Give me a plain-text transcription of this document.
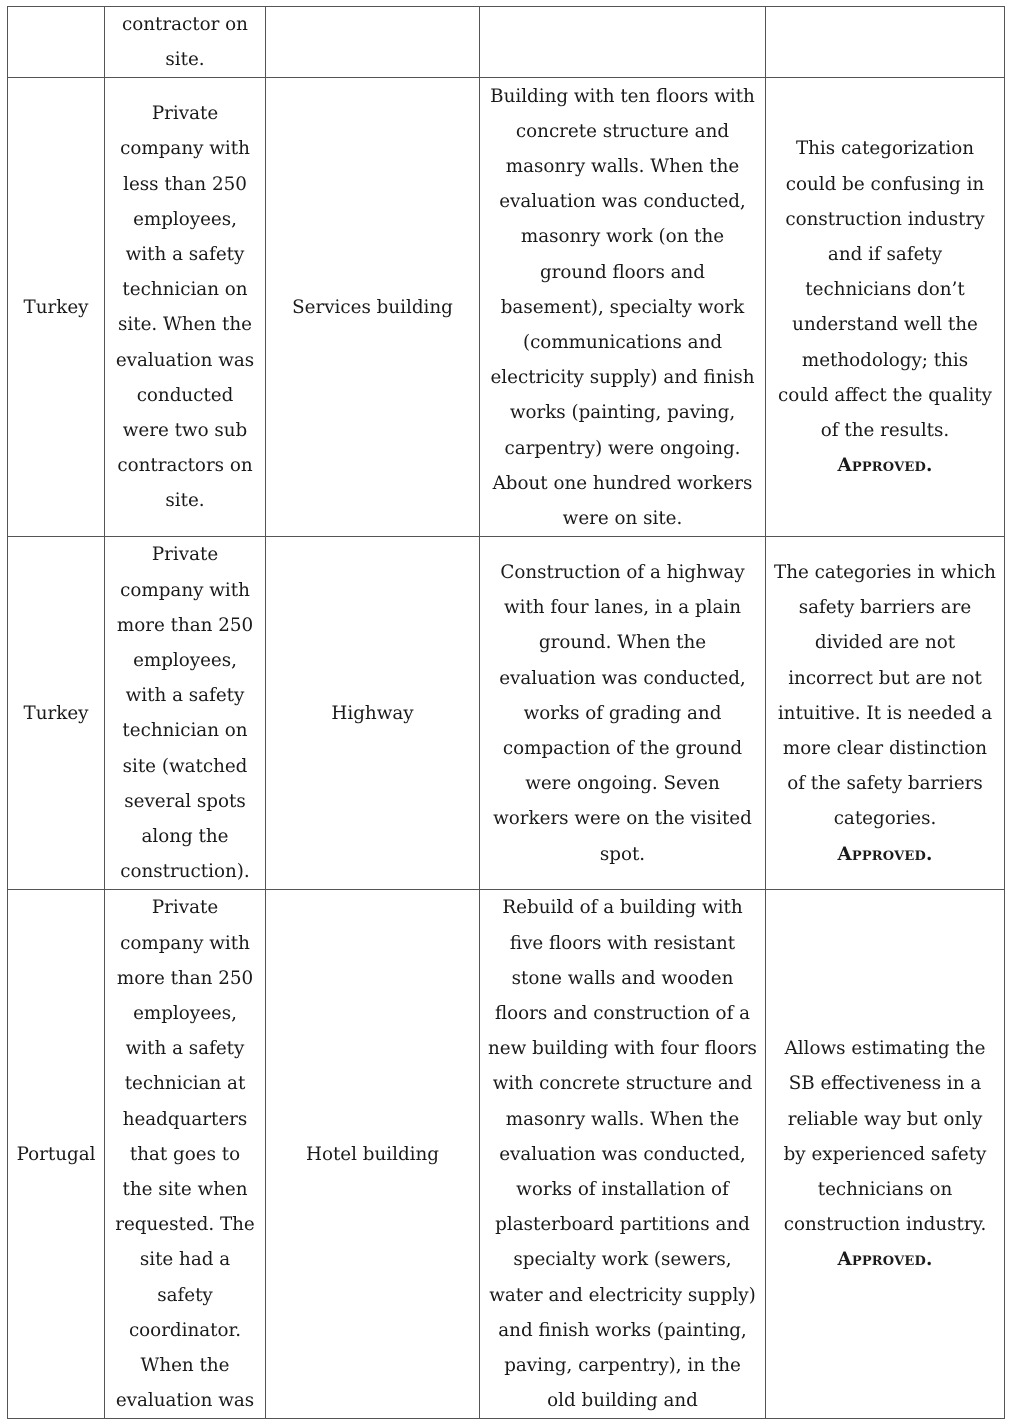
	contractor on site.			

Turkey	Private company with less than 250 employees, with a safety technician on site. When the evaluation was conducted were two sub contractors on site.	Services building	Building with ten floors with concrete structure and masonry walls. When the evaluation was conducted, masonry work (on the ground floors and basement), specialty work (communications and electricity supply) and finish works (painting, paving, carpentry) were ongoing. About one hundred workers were on site.	This categorization could be confusing in construction industry and if safety technicians don’t understand well the methodology; this could affect the quality of the results.
Approved.

Turkey	Private company with more than 250 employees, with a safety technician on site (watched several spots along the construction).	Highway	Construction of a highway with four lanes, in a plain ground. When the evaluation was conducted, works of grading and compaction of the ground were ongoing. Seven workers were on the visited spot.	The categories in which safety barriers are divided are not incorrect but are not intuitive. It is needed a more clear distinction of the safety barriers categories.
Approved.

Portugal	Private company with more than 250 employees, with a safety technician at headquarters that goes to the site when requested. The site had a safety coordinator. When the evaluation was	Hotel building	Rebuild of a building with five floors with resistant stone walls and wooden floors and construction of a new building with four floors with concrete structure and masonry walls. When the evaluation was conducted, works of installation of plasterboard partitions and specialty work (sewers, water and electricity supply) and finish works (painting, paving, carpentry), in the old building and	Allows estimating the SB effectiveness in a reliable way but only by experienced safety technicians on construction industry.
Approved.
